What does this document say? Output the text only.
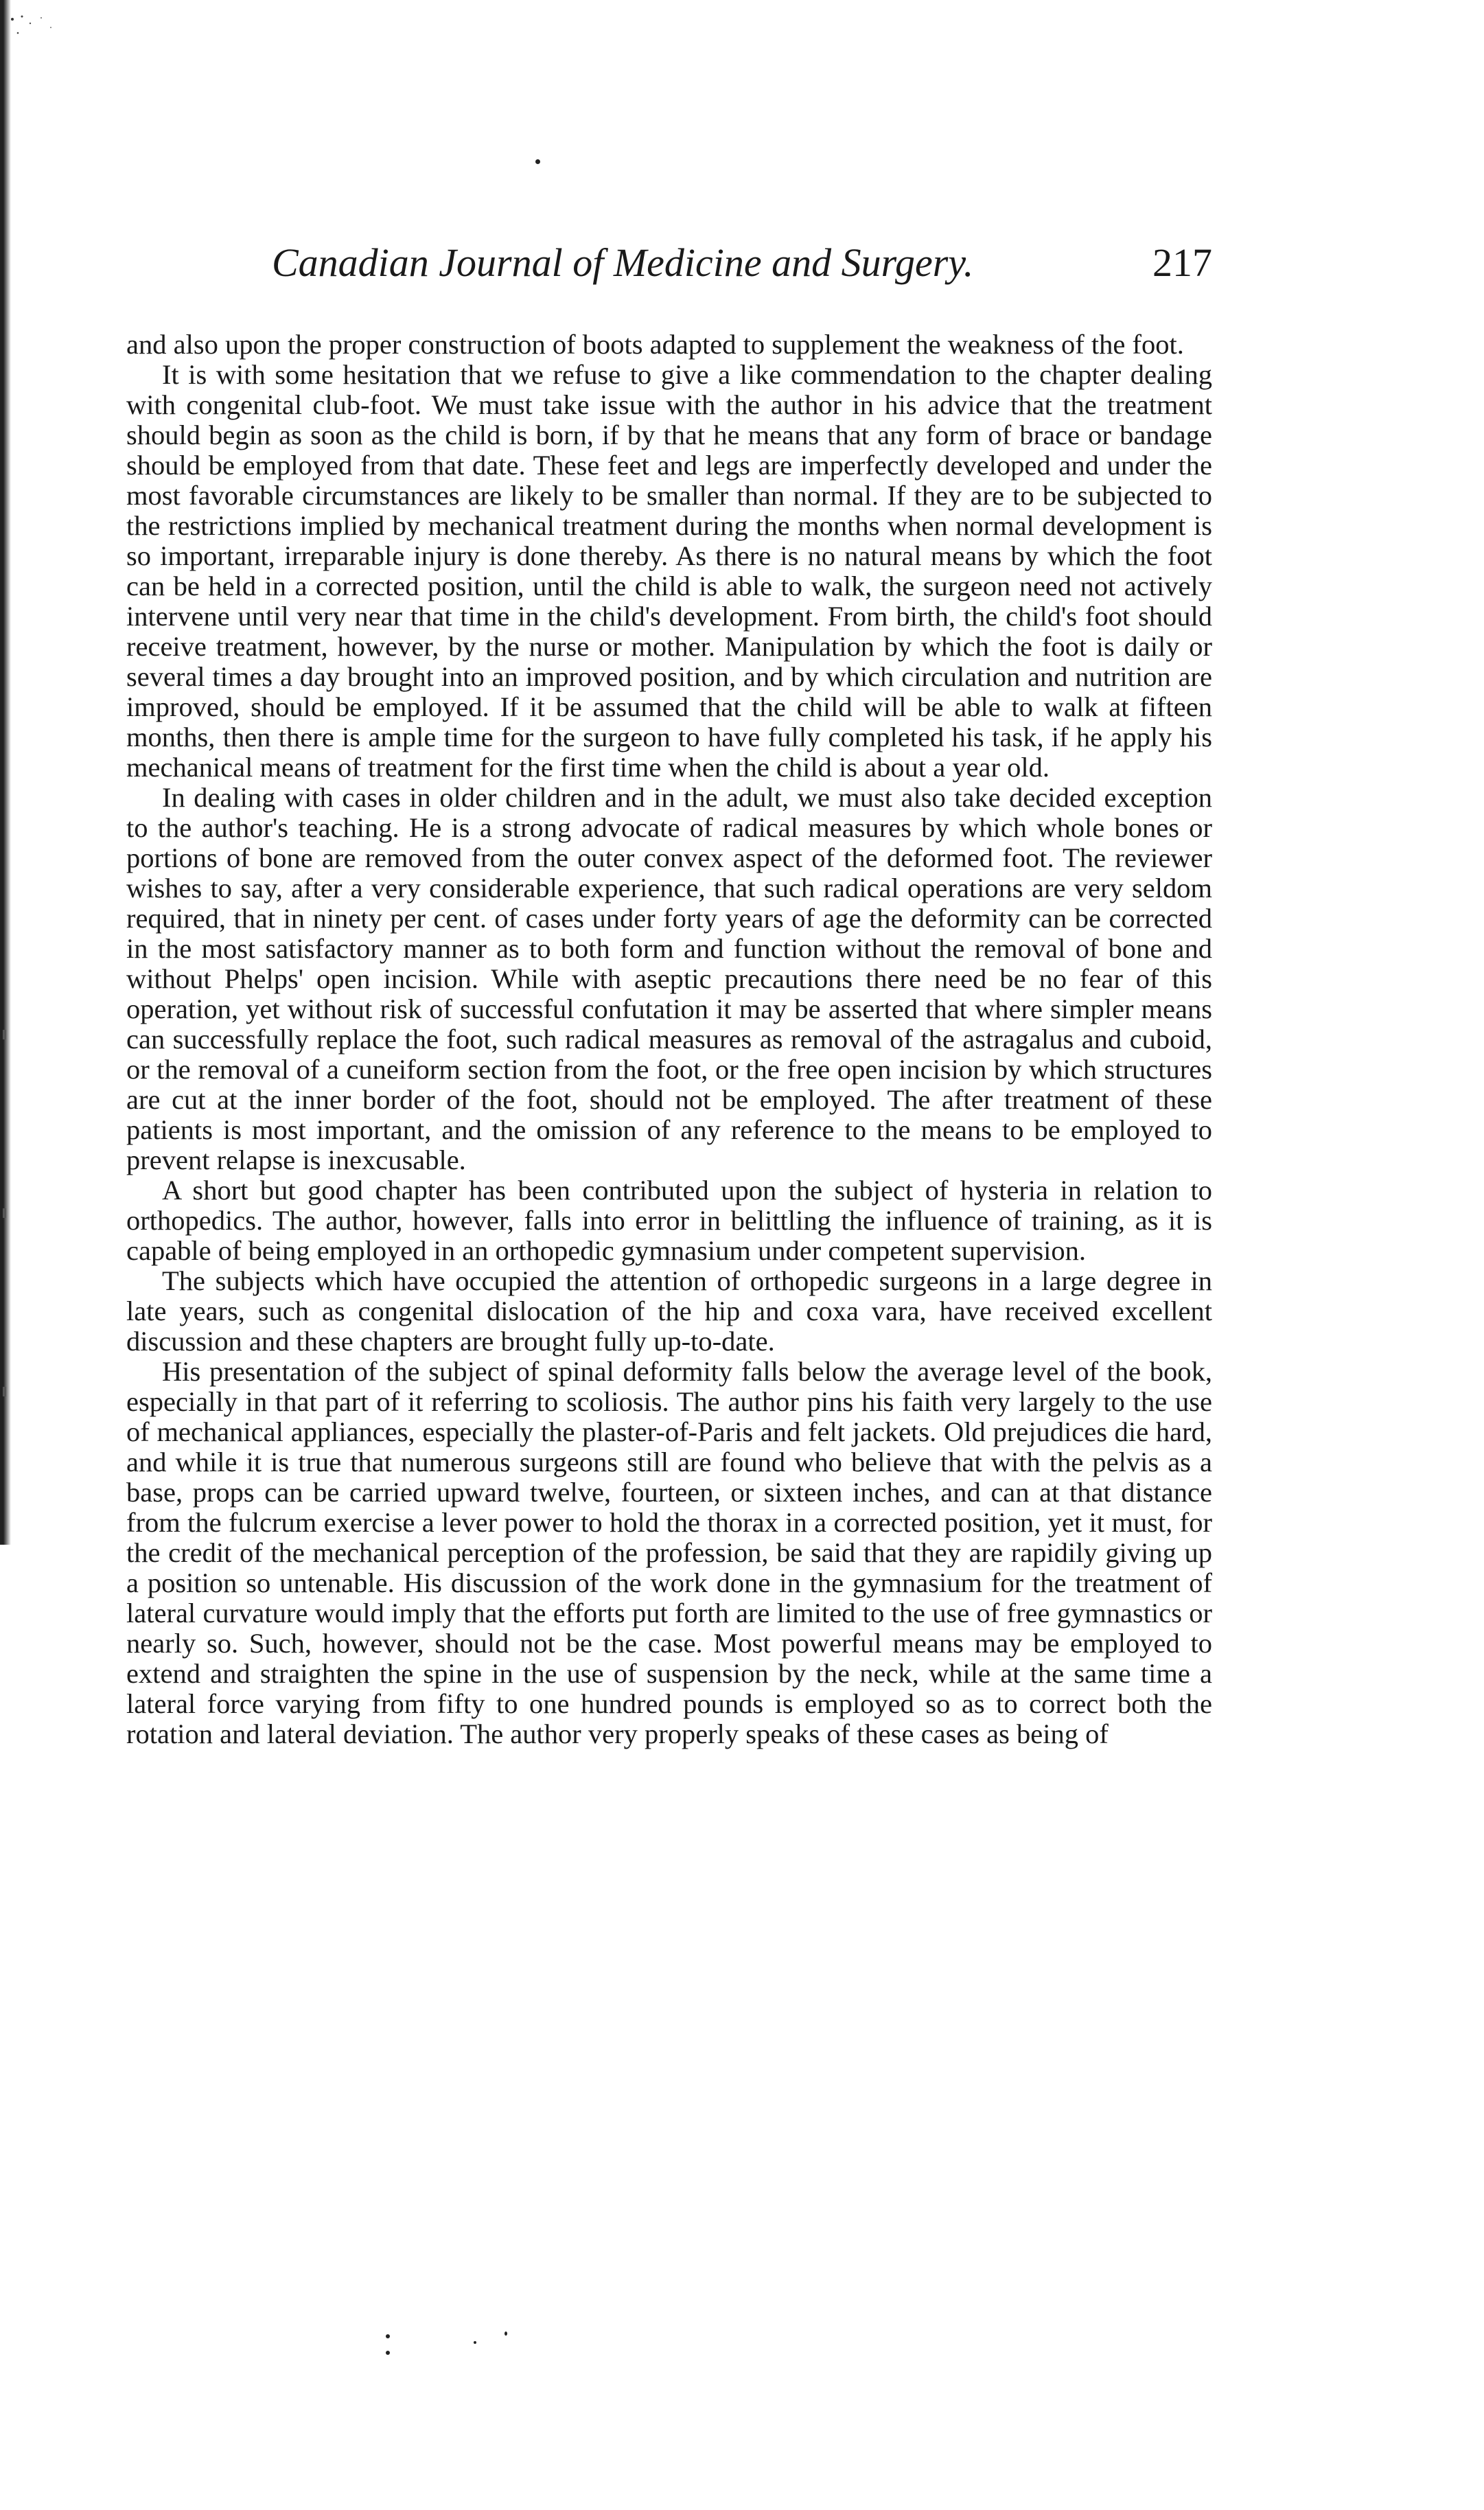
Canadian Journal of Medicine and Surgery.	217

and also upon the proper construction of boots adapted to supplement the weakness of the foot.

It is with some hesitation that we refuse to give a like commendation to the chapter dealing with congenital club-foot. We must take issue with the author in his advice that the treatment should begin as soon as the child is born, if by that he means that any form of brace or bandage should be employed from that date. These feet and legs are imperfectly developed and under the most favorable circumstances are likely to be smaller than normal. If they are to be subjected to the restrictions implied by mechanical treatment during the months when normal development is so important, irreparable injury is done thereby. As there is no natural means by which the foot can be held in a corrected position, until the child is able to walk, the surgeon need not actively intervene until very near that time in the child's development. From birth, the child's foot should receive treatment, however, by the nurse or mother. Manipulation by which the foot is daily or several times a day brought into an improved position, and by which circulation and nutrition are improved, should be employed. If it be assumed that the child will be able to walk at fifteen months, then there is ample time for the surgeon to have fully completed his task, if he apply his mechanical means of treatment for the first time when the child is about a year old.

In dealing with cases in older children and in the adult, we must also take decided exception to the author's teaching. He is a strong advocate of radical measures by which whole bones or portions of bone are removed from the outer convex aspect of the deformed foot. The reviewer wishes to say, after a very considerable experience, that such radical operations are very seldom required, that in ninety per cent. of cases under forty years of age the deformity can be corrected in the most satisfactory manner as to both form and function without the removal of bone and without Phelps' open incision. While with aseptic precautions there need be no fear of this operation, yet without risk of successful confutation it may be asserted that where simpler means can successfully replace the foot, such radical measures as removal of the astragalus and cuboid, or the removal of a cuneiform section from the foot, or the free open incision by which structures are cut at the inner border of the foot, should not be employed. The after treatment of these patients is most important, and the omission of any reference to the means to be employed to prevent relapse is inexcusable.

A short but good chapter has been contributed upon the subject of hysteria in relation to orthopedics. The author, however, falls into error in belittling the influence of training, as it is capable of being employed in an orthopedic gymnasium under competent supervision.

The subjects which have occupied the attention of orthopedic surgeons in a large degree in late years, such as congenital dislocation of the hip and coxa vara, have received excellent discussion and these chapters are brought fully up-to-date.

His presentation of the subject of spinal deformity falls below the average level of the book, especially in that part of it referring to scoliosis. The author pins his faith very largely to the use of mechanical appliances, especially the plaster-of-Paris and felt jackets. Old prejudices die hard, and while it is true that numerous surgeons still are found who believe that with the pelvis as a base, props can be carried upward twelve, fourteen, or sixteen inches, and can at that distance from the fulcrum exercise a lever power to hold the thorax in a corrected position, yet it must, for the credit of the mechanical perception of the profession, be said that they are rapidily giving up a position so untenable. His discussion of the work done in the gymnasium for the treatment of lateral curvature would imply that the efforts put forth are limited to the use of free gymnastics or nearly so. Such, however, should not be the case. Most powerful means may be employed to extend and straighten the spine in the use of suspension by the neck, while at the same time a lateral force varying from fifty to one hundred pounds is employed so as to correct both the rotation and lateral deviation. The author very properly speaks of these cases as being of
